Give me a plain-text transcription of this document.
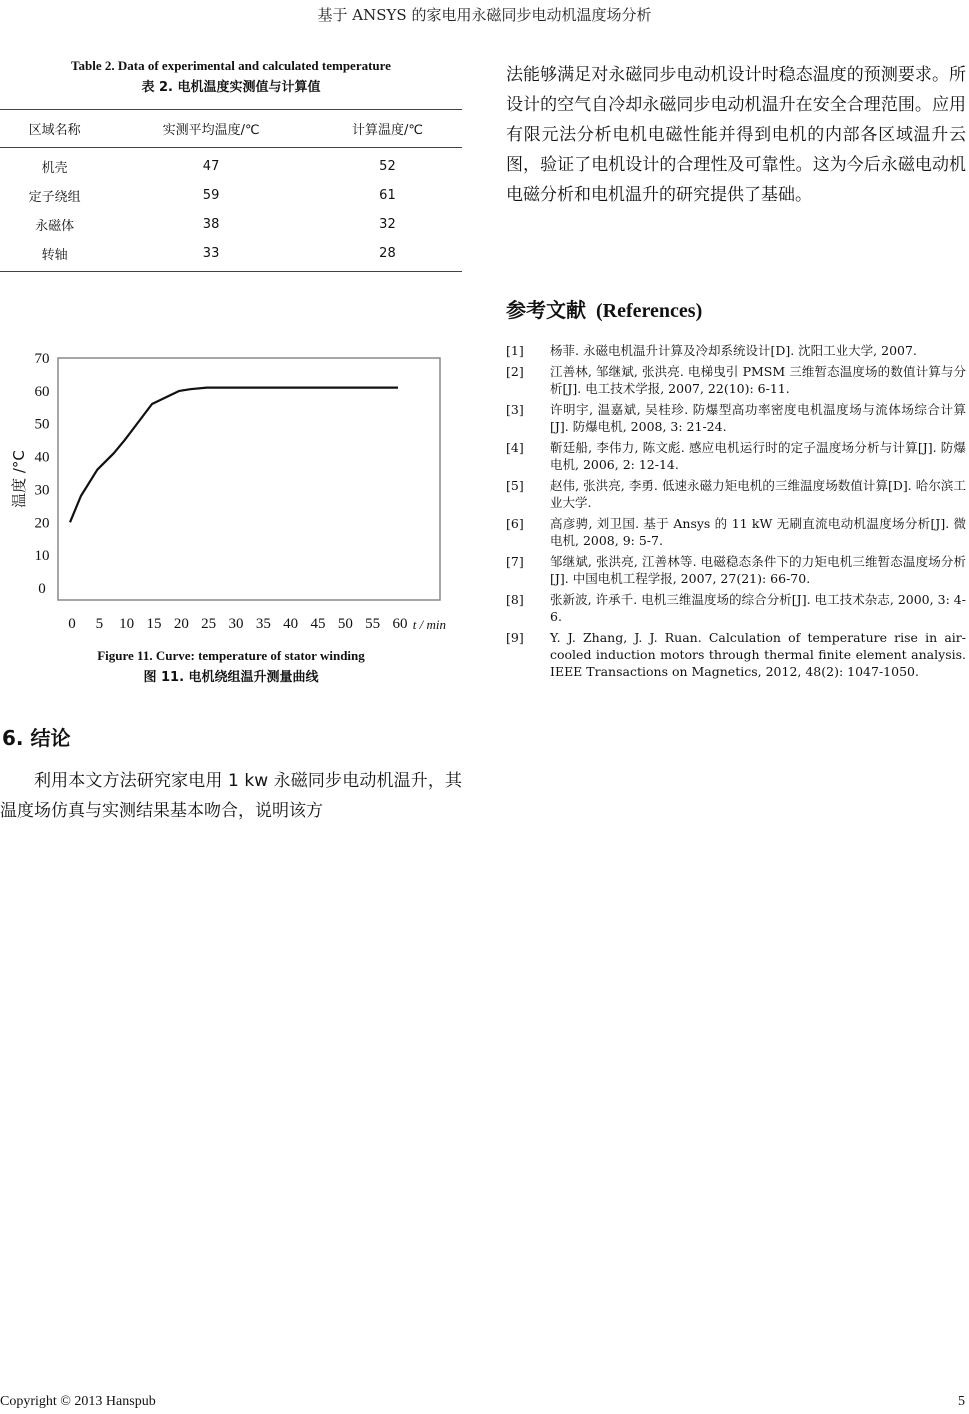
基于 ANSYS 的家电用永磁同步电动机温度场分析
Table 2. Data of experimental and calculated temperature
表 2. 电机温度实测值与计算值
区域名称	实测平均温度/℃	计算温度/℃
机壳	47	52
定子绕组	59	61
永磁体	38	32
转轴	33	28
0
10
20
30
40
50
60
70
0 5 10 15 20 25 30 35 40 45 50 55 60
温度 /°C
t / min
Figure 11. Curve: temperature of stator winding
图 11. 电机绕组温升测量曲线
6. 结论

利用本文方法研究家电用 1 kw 永磁同步电动机温升，其温度场仿真与实测结果基本吻合，说明该方

法能够满足对永磁同步电动机设计时稳态温度的预测要求。所设计的空气自冷却永磁同步电动机温升在安全合理范围。应用有限元法分析电机电磁性能并得到电机的内部各区域温升云图，验证了电机设计的合理性及可靠性。这为今后永磁电动机电磁分析和电机温升的研究提供了基础。

参考文献 (References)
[1] 杨菲. 永磁电机温升计算及冷却系统设计[D]. 沈阳工业大学, 2007.
[2] 江善林, 邹继斌, 张洪亮. 电梯曳引 PMSM 三维暂态温度场的数值计算与分析[J]. 电工技术学报, 2007, 22(10): 6-11.
[3] 许明宇, 温嘉斌, 吴桂珍. 防爆型高功率密度电机温度场与流体场综合计算[J]. 防爆电机, 2008, 3: 21-24.
[4] 靳廷船, 李伟力, 陈文彪. 感应电机运行时的定子温度场分析与计算[J]. 防爆电机, 2006, 2: 12-14.
[5] 赵伟, 张洪亮, 李勇. 低速永磁力矩电机的三维温度场数值计算[D]. 哈尔滨工业大学.
[6] 高彦骋, 刘卫国. 基于 Ansys 的 11 kW 无刷直流电动机温度场分析[J]. 微电机, 2008, 9: 5-7.
[7] 邹继斌, 张洪亮, 江善林等. 电磁稳态条件下的力矩电机三维暂态温度场分析[J]. 中国电机工程学报, 2007, 27(21): 66-70.
[8] 张新波, 许承千. 电机三维温度场的综合分析[J]. 电工技术杂志, 2000, 3: 4-6.
[9] Y. J. Zhang, J. J. Ruan. Calculation of temperature rise in air-cooled induction motors through thermal finite element analysis. IEEE Transactions on Magnetics, 2012, 48(2): 1047-1050.
Copyright © 2013 Hanspub	5
